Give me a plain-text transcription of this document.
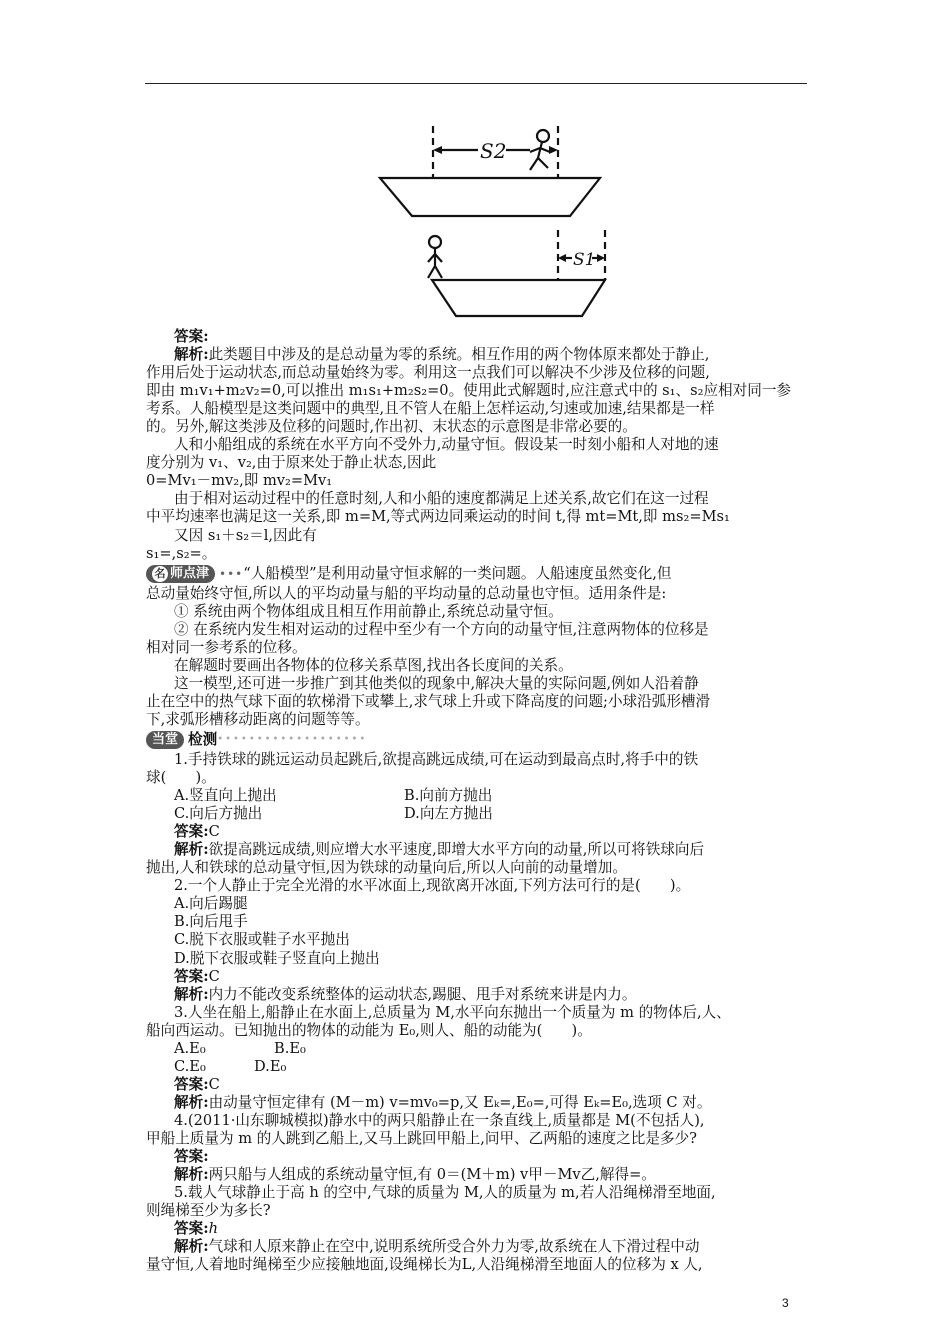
S2
S1
答案:
解析:此类题目中涉及的是总动量为零的系统。相互作用的两个物体原来都处于静止,
作用后处于运动状态,而总动量始终为零。利用这一点我们可以解决不少涉及位移的问题,
即由 m₁v₁+m₂v₂=0,可以推出 m₁s₁+m₂s₂=0。使用此式解题时,应注意式中的 s₁、s₂应相对同一参
考系。人船模型是这类问题中的典型,且不管人在船上怎样运动,匀速或加速,结果都是一样
的。另外,解这类涉及位移的问题时,作出初、末状态的示意图是非常必要的。
人和小船组成的系统在水平方向不受外力,动量守恒。假设某一时刻小船和人对地的速
度分别为 v₁、v₂,由于原来处于静止状态,因此
0=Mv₁－mv₂,即 mv₂=Mv₁
由于相对运动过程中的任意时刻,人和小船的速度都满足上述关系,故它们在这一过程
中平均速率也满足这一关系,即 m=M,等式两边同乘运动的时间 t,得 mt=Mt,即 ms₂=Ms₁
又因 s₁＋s₂＝l,因此有
s₁=,s₂=。
名 师点津 ••• “人船模型”是利用动量守恒求解的一类问题。人船速度虽然变化,但
总动量始终守恒,所以人的平均动量与船的平均动量的总动量也守恒。适用条件是:
① 系统由两个物体组成且相互作用前静止,系统总动量守恒。
② 在系统内发生相对运动的过程中至少有一个方向的动量守恒,注意两物体的位移是
相对同一参考系的位移。
在解题时要画出各物体的位移关系草图,找出各长度间的关系。
这一模型,还可进一步推广到其他类似的现象中,解决大量的实际问题,例如人沿着静
止在空中的热气球下面的软梯滑下或攀上,求气球上升或下降高度的问题;小球沿弧形槽滑
下,求弧形槽移动距离的问题等等。
当堂 检测 •••••••••••••••••••
1.手持铁球的跳远运动员起跳后,欲提高跳远成绩,可在运动到最高点时,将手中的铁
球(　　)。
A.竖直向上抛出	B.向前方抛出
C.向后方抛出	D.向左方抛出
答案:C
解析:欲提高跳远成绩,则应增大水平速度,即增大水平方向的动量,所以可将铁球向后
抛出,人和铁球的总动量守恒,因为铁球的动量向后,所以人向前的动量增加。
2.一个人静止于完全光滑的水平冰面上,现欲离开冰面,下列方法可行的是(　　)。
A.向后踢腿
B.向后甩手
C.脱下衣服或鞋子水平抛出
D.脱下衣服或鞋子竖直向上抛出
答案:C
解析:内力不能改变系统整体的运动状态,踢腿、甩手对系统来讲是内力。
3.人坐在船上,船静止在水面上,总质量为 M,水平向东抛出一个质量为 m 的物体后,人、
船向西运动。已知抛出的物体的动能为 E₀,则人、船的动能为(　　)。
A.E₀	B.E₀
C.E₀	D.E₀
答案:C
解析:由动量守恒定律有 (M－m) v=mv₀=p,又 Eₖ=,E₀=,可得 Eₖ=E₀,选项 C 对。
4.(2011·山东聊城模拟)静水中的两只船静止在一条直线上,质量都是 M(不包括人),
甲船上质量为 m 的人跳到乙船上,又马上跳回甲船上,问甲、乙两船的速度之比是多少?
答案:
解析:两只船与人组成的系统动量守恒,有 0＝(M＋m) v甲－Mv乙,解得=。
5.载人气球静止于高 h 的空中,气球的质量为 M,人的质量为 m,若人沿绳梯滑至地面,
则绳梯至少为多长?
答案:h
解析:气球和人原来静止在空中,说明系统所受合外力为零,故系统在人下滑过程中动
量守恒,人着地时绳梯至少应接触地面,设绳梯长为L,人沿绳梯滑至地面人的位移为 x 人,
3
